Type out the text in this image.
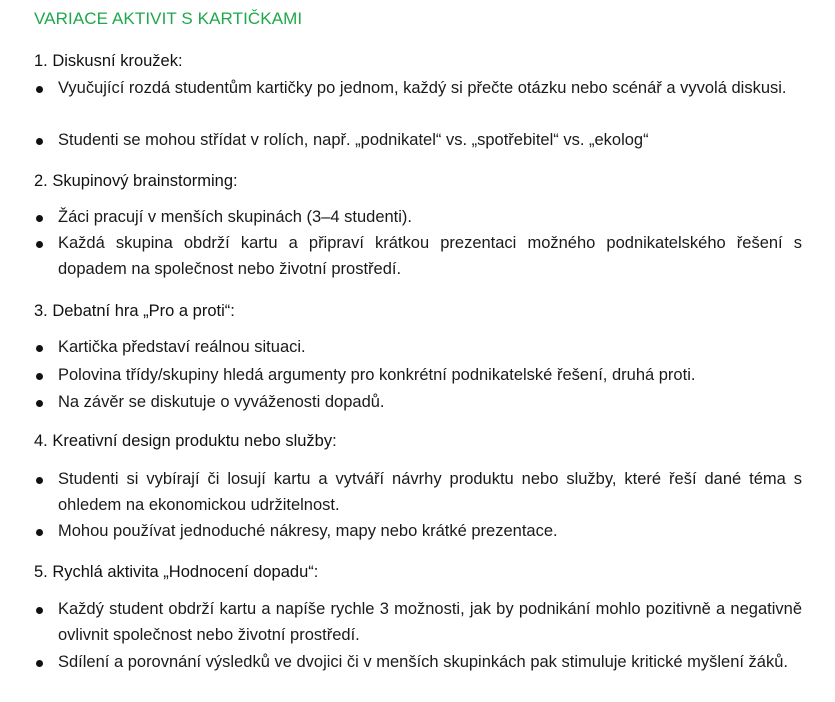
VARIACE AKTIVIT S KARTIČKAMI
1. Diskusní kroužek:
Vyučující rozdá studentům kartičky po jednom, každý si přečte otázku nebo scénář a vyvolá diskusi.
Studenti se mohou střídat v rolích, např. „podnikatel“ vs. „spotřebitel“ vs. „ekolog“
2. Skupinový brainstorming:
Žáci pracují v menších skupinách (3–4 studenti).
Každá skupina obdrží kartu a připraví krátkou prezentaci možného podnikatelského řešení s dopadem na společnost nebo životní prostředí.
3. Debatní hra „Pro a proti“:
Kartička představí reálnou situaci.
Polovina třídy/skupiny hledá argumenty pro konkrétní podnikatelské řešení, druhá proti.
Na závěr se diskutuje o vyváženosti dopadů.
4. Kreativní design produktu nebo služby:
Studenti si vybírají či losují kartu a vytváří návrhy produktu nebo služby, které řeší dané téma s ohledem na ekonomickou udržitelnost.
Mohou používat jednoduché nákresy, mapy nebo krátké prezentace.
5. Rychlá aktivita „Hodnocení dopadu“:
Každý student obdrží kartu a napíše rychle 3 možnosti, jak by podnikání mohlo pozitivně a negativně ovlivnit společnost nebo životní prostředí.
Sdílení a porovnání výsledků ve dvojici či v menších skupinkách pak stimuluje kritické myšlení žáků.
